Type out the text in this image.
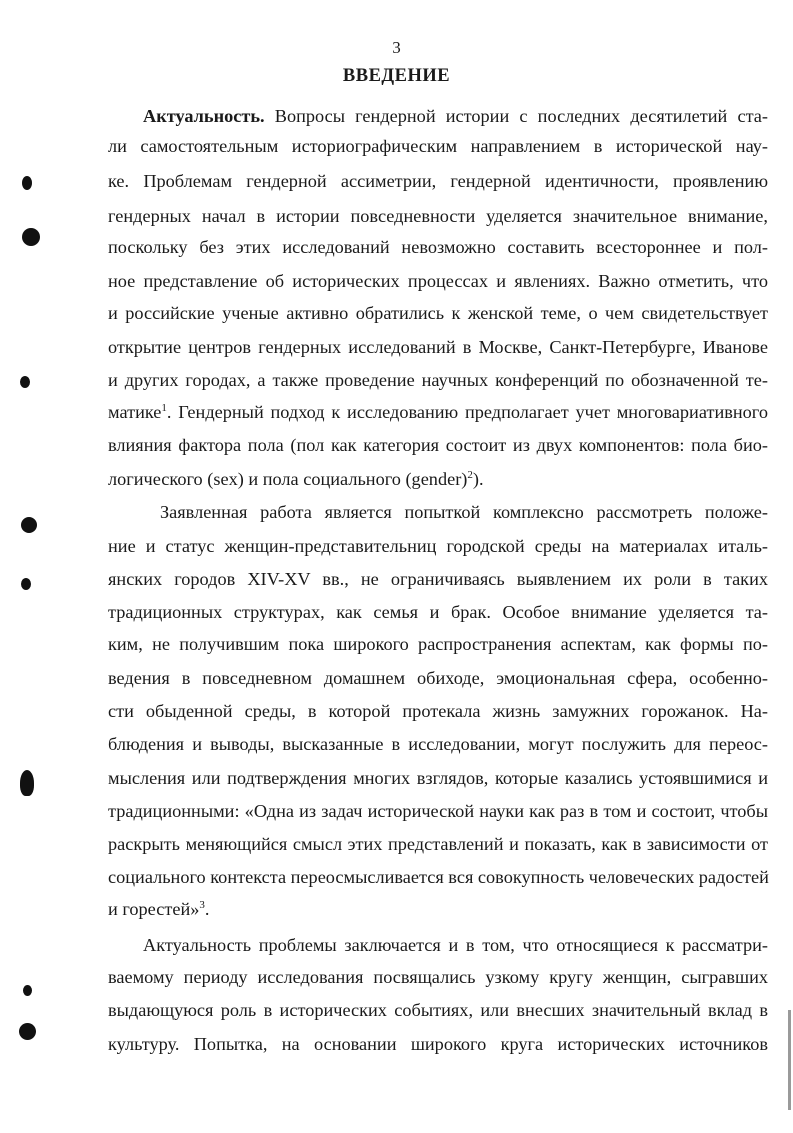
3
ВВЕДЕНИЕ
Актуальность. Вопросы гендерной истории с последних десятилетий ста-
ли самостоятельным историографическим направлением в исторической нау-
ке. Проблемам гендерной ассиметрии, гендерной идентичности, проявлению
гендерных начал в истории повседневности уделяется значительное внимание,
поскольку без этих исследований невозможно составить всестороннее и пол-
ное представление об исторических процессах и явлениях. Важно отметить, что
и российские ученые активно обратились к женской теме, о чем свидетельствует
открытие центров гендерных исследований в Москве, Санкт-Петербурге, Иванове
и других городах, а также проведение научных конференций по обозначенной те-
матике$^1$. Гендерный подход к исследованию предполагает учет многовариативного
влияния фактора пола (пол как категория состоит из двух компонентов: пола био-
логического (sex) и пола социального (gender)$^2$).
Заявленная работа является попыткой комплексно рассмотреть положе-
ние и статус женщин-представительниц городской среды на материалах италь-
янских городов XIV-XV вв., не ограничиваясь выявлением их роли в таких
традиционных структурах, как семья и брак. Особое внимание уделяется та-
ким, не получившим пока широкого распространения аспектам, как формы по-
ведения в повседневном домашнем обиходе, эмоциональная сфера, особенно-
сти обыденной среды, в которой протекала жизнь замужних горожанок. На-
блюдения и выводы, высказанные в исследовании, могут послужить для переос-
мысления или подтверждения многих взглядов, которые казались устоявшимися и
традиционными: «Одна из задач исторической науки как раз в том и состоит, чтобы
раскрыть меняющийся смысл этих представлений и показать, как в зависимости от
социального контекста переосмысливается вся совокупность человеческих радостей
и горестей»$^3$.
Актуальность проблемы заключается и в том, что относящиеся к рассматри-
ваемому периоду исследования посвящались узкому кругу женщин, сыгравших
выдающуюся роль в исторических событиях, или внесших значительный вклад в
культуру. Попытка, на основании широкого круга исторических источников
